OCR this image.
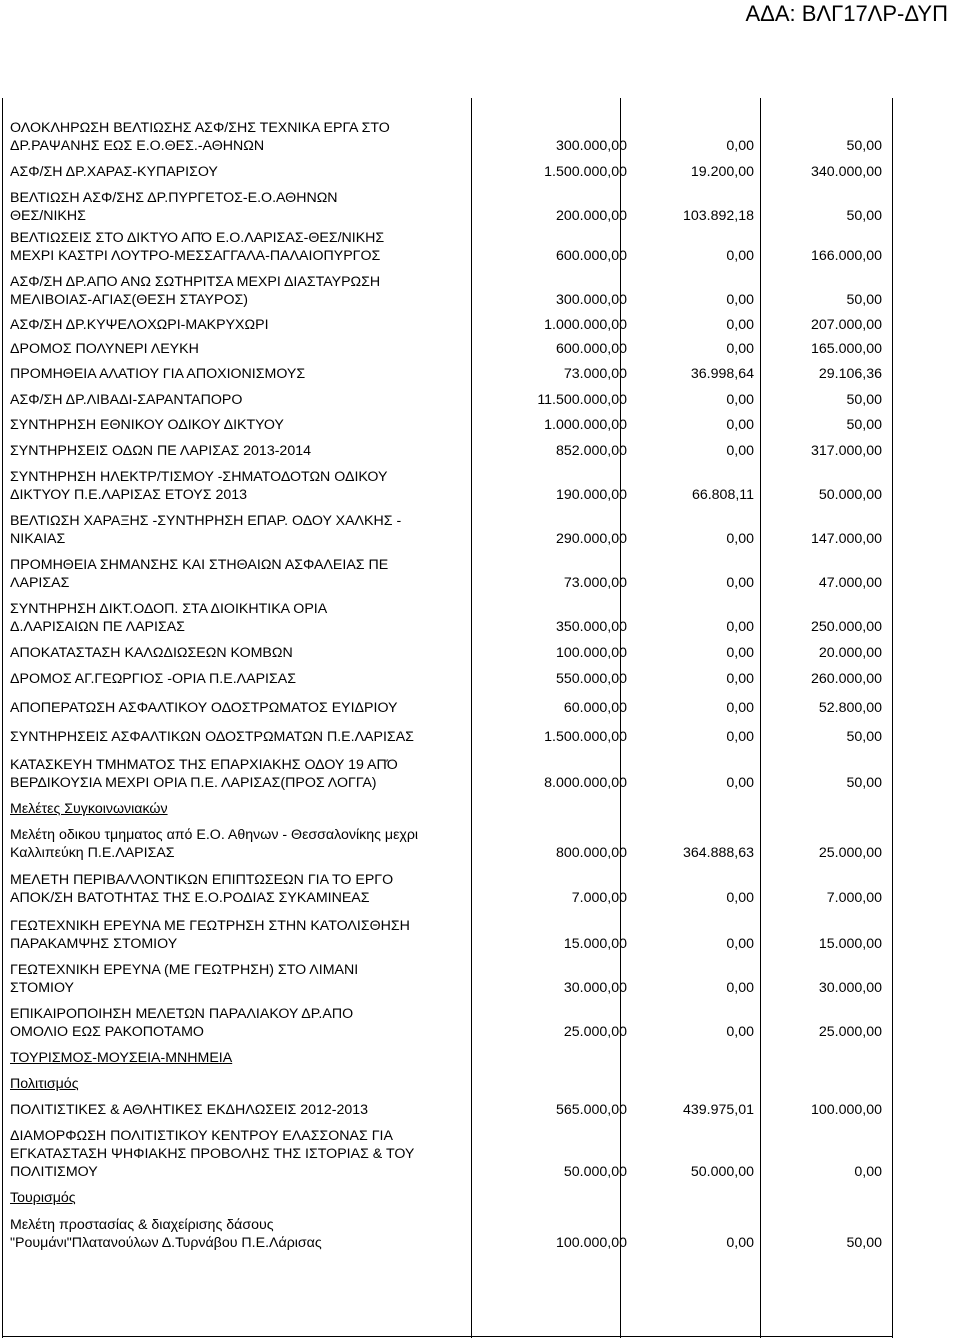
ΑΔΑ: ΒΛΓ17ΛΡ-ΔΥΠ
ΟΛΟΚΛΗΡΩΣΗ ΒΕΛΤΙΩΣΗΣ ΑΣΦ/ΣΗΣ ΤΕΧΝΙΚΑ ΕΡΓΑ ΣΤΟ
ΔΡ.ΡΑΨΑΝΗΣ ΕΩΣ Ε.Ο.ΘΕΣ.-ΑΘΗΝΩΝ	300.000,00	0,00	50,00
ΑΣΦ/ΣΗ ΔΡ.ΧΑΡΑΣ-ΚΥΠΑΡΙΣΟΥ	1.500.000,00	19.200,00	340.000,00
ΒΕΛΤΙΩΣΗ ΑΣΦ/ΣΗΣ ΔΡ.ΠΥΡΓΕΤΟΣ-Ε.Ο.ΑΘΗΝΩΝ
ΘΕΣ/ΝΙΚΗΣ	200.000,00	103.892,18	50,00
ΒΕΛΤΙΩΣΕΙΣ ΣΤΟ ΔΙΚΤΥΟ ΑΠΌ Ε.Ο.ΛΑΡΙΣΑΣ-ΘΕΣ/ΝΙΚΗΣ
ΜΕΧΡΙ ΚΑΣΤΡΙ ΛΟΥΤΡΟ-ΜΕΣΣΑΓΓΑΛΑ-ΠΑΛΑΙΟΠΥΡΓΟΣ	600.000,00	0,00	166.000,00
ΑΣΦ/ΣΗ ΔΡ.ΑΠΟ ΑΝΩ ΣΩΤΗΡΙΤΣΑ ΜΕΧΡΙ ΔΙΑΣΤΑΥΡΩΣΗ
ΜΕΛΙΒΟΙΑΣ-ΑΓΙΑΣ(ΘΕΣΗ ΣΤΑΥΡΟΣ)	300.000,00	0,00	50,00
ΑΣΦ/ΣΗ ΔΡ.ΚΥΨΕΛΟΧΩΡΙ-ΜΑΚΡΥΧΩΡΙ	1.000.000,00	0,00	207.000,00
ΔΡΟΜΟΣ ΠΟΛΥΝΕΡΙ ΛΕΥΚΗ	600.000,00	0,00	165.000,00
ΠΡΟΜΗΘΕΙΑ ΑΛΑΤΙΟΥ ΓΙΑ ΑΠΟΧΙΟΝΙΣΜΟΥΣ	73.000,00	36.998,64	29.106,36
ΑΣΦ/ΣΗ ΔΡ.ΛΙΒΑΔΙ-ΣΑΡΑΝΤΑΠΟΡΟ	11.500.000,00	0,00	50,00
ΣΥΝΤΗΡΗΣΗ ΕΘΝΙΚΟΥ ΟΔΙΚΟΥ ΔΙΚΤΥΟΥ	1.000.000,00	0,00	50,00
ΣΥΝΤΗΡΗΣΕΙΣ ΟΔΩΝ ΠΕ ΛΑΡΙΣΑΣ 2013-2014	852.000,00	0,00	317.000,00
ΣΥΝΤΗΡΗΣΗ ΗΛΕΚΤΡ/ΤΙΣΜΟΥ -ΣΗΜΑΤΟΔΟΤΩΝ ΟΔΙΚΟΥ
ΔΙΚΤΥΟΥ Π.Ε.ΛΑΡΙΣΑΣ ΕΤΟΥΣ 2013	190.000,00	66.808,11	50.000,00
ΒΕΛΤΙΩΣΗ ΧΑΡΑΞΗΣ -ΣΥΝΤΗΡΗΣΗ ΕΠΑΡ. ΟΔΟΥ ΧΑΛΚΗΣ -
ΝΙΚΑΙΑΣ	290.000,00	0,00	147.000,00
ΠΡΟΜΗΘΕΙΑ ΣΗΜΑΝΣΗΣ ΚΑΙ ΣΤΗΘΑΙΩΝ ΑΣΦΑΛΕΙΑΣ ΠΕ
ΛΑΡΙΣΑΣ	73.000,00	0,00	47.000,00
ΣΥΝΤΗΡΗΣΗ ΔΙΚΤ.ΟΔΟΠ. ΣΤΑ ΔΙΟΙΚΗΤΙΚΑ ΟΡΙΑ
Δ.ΛΑΡΙΣΑΙΩΝ ΠΕ ΛΑΡΙΣΑΣ	350.000,00	0,00	250.000,00
ΑΠΟΚΑΤΑΣΤΑΣΗ ΚΑΛΩΔΙΩΣΕΩΝ ΚΟΜΒΩΝ	100.000,00	0,00	20.000,00
ΔΡΟΜΟΣ ΑΓ.ΓΕΩΡΓΙΟΣ -ΟΡΙΑ Π.Ε.ΛΑΡΙΣΑΣ	550.000,00	0,00	260.000,00
ΑΠΟΠΕΡΑΤΩΣΗ ΑΣΦΑΛΤΙΚΟΥ ΟΔΟΣΤΡΩΜΑΤΟΣ ΕΥΙΔΡΙΟΥ	60.000,00	0,00	52.800,00
ΣΥΝΤΗΡΗΣΕΙΣ ΑΣΦΑΛΤΙΚΩΝ ΟΔΟΣΤΡΩΜΑΤΩΝ Π.Ε.ΛΑΡΙΣΑΣ	1.500.000,00	0,00	50,00
ΚΑΤΑΣΚΕΥΗ ΤΜΗΜΑΤΟΣ ΤΗΣ ΕΠΑΡΧΙΑΚΗΣ ΟΔΟΥ 19 ΑΠΌ
ΒΕΡΔΙΚΟΥΣΙΑ ΜΕΧΡΙ ΟΡΙΑ Π.Ε. ΛΑΡΙΣΑΣ(ΠΡΟΣ ΛΟΓΓΑ)	8.000.000,00	0,00	50,00
Μελέτες Συγκοινωνιακών
Μελέτη οδικου τμηματος από Ε.Ο. Αθηνων - Θεσσαλονίκης μεχρι
Καλλιπεύκη Π.Ε.ΛΑΡΙΣΑΣ	800.000,00	364.888,63	25.000,00
ΜΕΛΕΤΗ ΠΕΡΙΒΑΛΛΟΝΤΙΚΩΝ ΕΠΙΠΤΩΣΕΩΝ ΓΙΑ ΤΟ ΕΡΓΟ
ΑΠΟΚ/ΣΗ ΒΑΤΟΤΗΤΑΣ ΤΗΣ Ε.Ο.ΡΟΔΙΑΣ ΣΥΚΑΜΙΝΕΑΣ	7.000,00	0,00	7.000,00
ΓΕΩΤΕΧΝΙΚΗ ΕΡΕΥΝΑ ΜΕ ΓΕΩΤΡΗΣΗ ΣΤΗΝ ΚΑΤΟΛΙΣΘΗΣΗ
ΠΑΡΑΚΑΜΨΗΣ ΣΤΟΜΙΟΥ	15.000,00	0,00	15.000,00
ΓΕΩΤΕΧΝΙΚΗ ΕΡΕΥΝΑ (ΜΕ ΓΕΩΤΡΗΣΗ) ΣΤΟ ΛΙΜΑΝΙ
ΣΤΟΜΙΟΥ	30.000,00	0,00	30.000,00
ΕΠΙΚΑΙΡΟΠΟΙΗΣΗ ΜΕΛΕΤΩΝ ΠΑΡΑΛΙΑΚΟΥ ΔΡ.ΑΠΟ
ΟΜΟΛΙΟ ΕΩΣ ΡΑΚΟΠΟΤΑΜΟ	25.000,00	0,00	25.000,00
ΤΟΥΡΙΣΜΟΣ-ΜΟΥΣΕΙΑ-ΜΝΗΜΕΙΑ
Πολιτισμός
ΠΟΛΙΤΙΣΤΙΚΕΣ & ΑΘΛΗΤΙΚΕΣ ΕΚΔΗΛΩΣΕΙΣ 2012-2013	565.000,00	439.975,01	100.000,00
ΔΙΑΜΟΡΦΩΣΗ ΠΟΛΙΤΙΣΤΙΚΟΥ ΚΕΝΤΡΟΥ ΕΛΑΣΣΟΝΑΣ ΓΙΑ
ΕΓΚΑΤΑΣΤΑΣΗ ΨΗΦΙΑΚΗΣ ΠΡΟΒΟΛΗΣ ΤΗΣ ΙΣΤΟΡΙΑΣ & ΤΟΥ
ΠΟΛΙΤΙΣΜΟΥ	50.000,00	50.000,00	0,00
Τουρισμός
Μελέτη προστασίας & διαχείρισης δάσους
"Ρουμάνι"Πλατανούλων Δ.Τυρνάβου Π.Ε.Λάρισας	100.000,00	0,00	50,00
